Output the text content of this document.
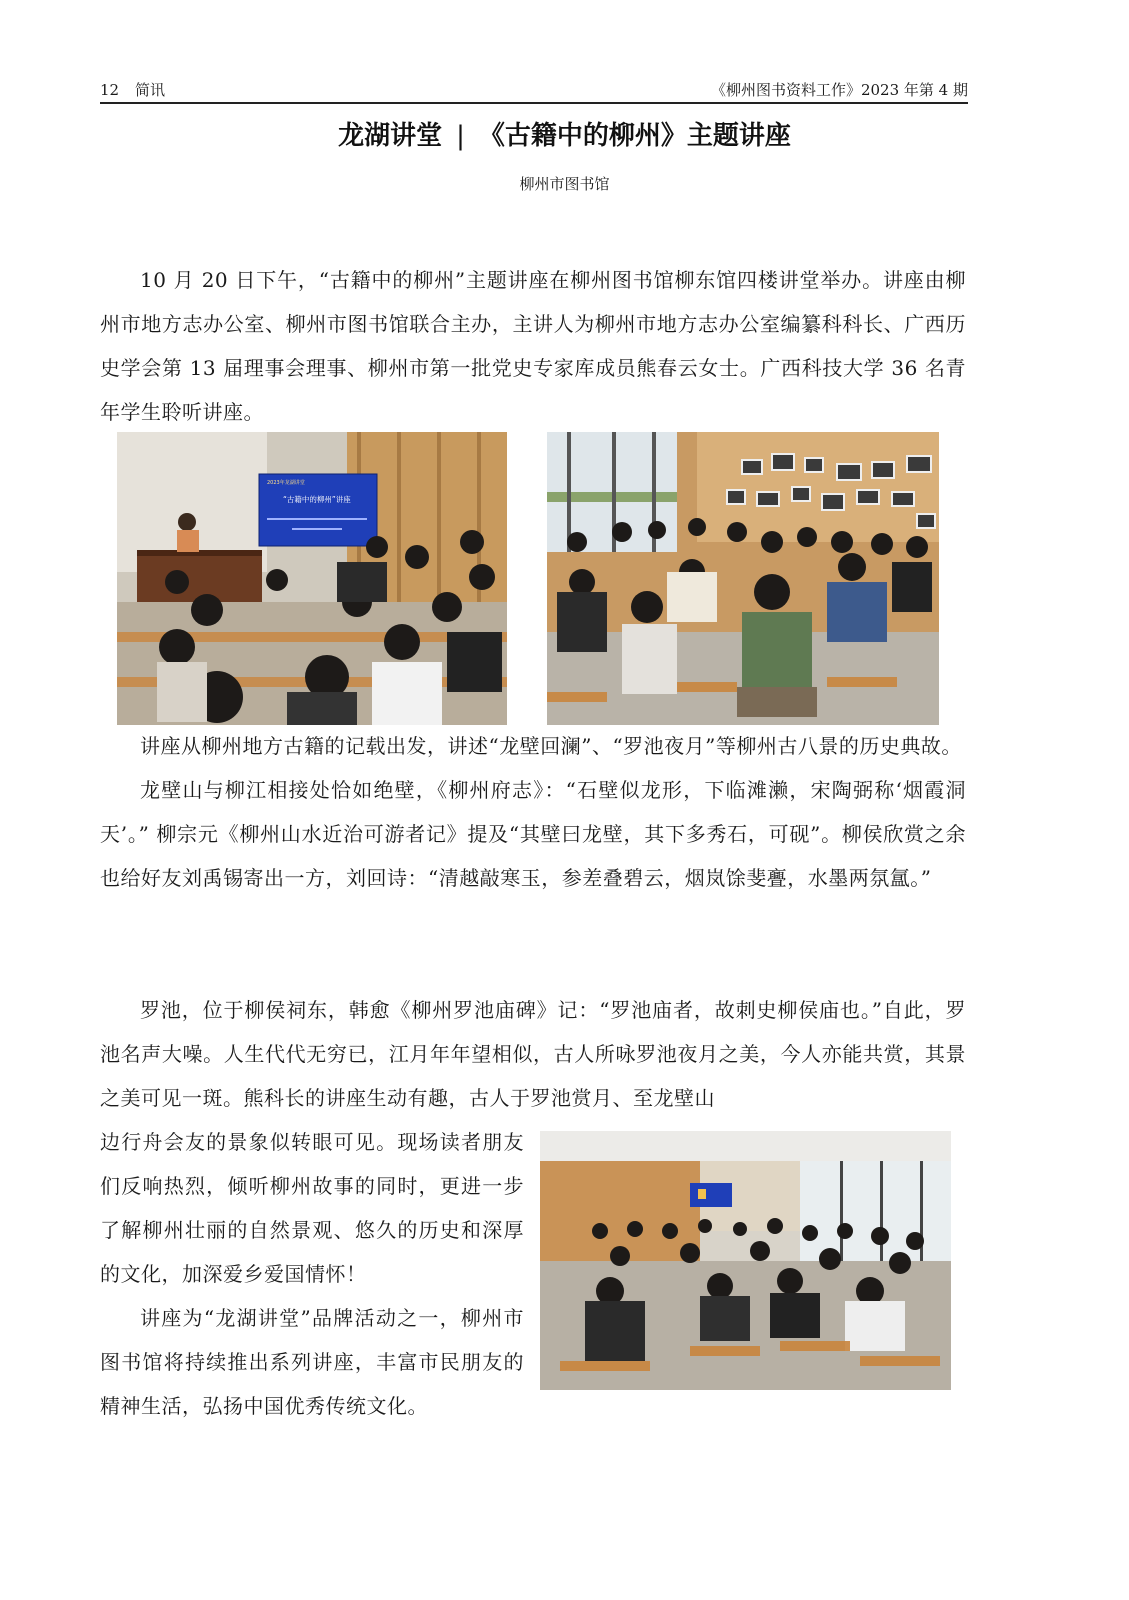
12 简讯	《柳州图书资料工作》2023 年第 4 期
龙湖讲堂 | 《古籍中的柳州》主题讲座
柳州市图书馆

10 月 20 日下午，“古籍中的柳州”主题讲座在柳州图书馆柳东馆四楼讲堂举办。讲座由柳州市地方志办公室、柳州市图书馆联合主办，主讲人为柳州市地方志办公室编纂科科长、广西历史学会第 13 届理事会理事、柳州市第一批党史专家库成员熊春云女士。广西科技大学 36 名青年学生聆听讲座。

2023年龙湖讲堂
“古籍中的柳州”讲座

讲座从柳州地方古籍的记载出发，讲述“龙壁回澜”、“罗池夜月”等柳州古八景的历史典故。

龙壁山与柳江相接处恰如绝壁，《柳州府志》：“石壁似龙形，下临滩濑，宋陶弼称‘烟霞洞天’。” 柳宗元《柳州山水近治可游者记》提及“其壁曰龙壁，其下多秀石，可砚”。柳侯欣赏之余也给好友刘禹锡寄出一方，刘回诗：“清越敲寒玉，参差叠碧云，烟岚馀斐亹，水墨两氛氲。”

罗池，位于柳侯祠东，韩愈《柳州罗池庙碑》记：“罗池庙者，故刺史柳侯庙也。”自此，罗池名声大噪。人生代代无穷已，江月年年望相似，古人所咏罗池夜月之美，今人亦能共赏，其景之美可见一斑。熊科长的讲座生动有趣，古人于罗池赏月、至龙壁山

边行舟会友的景象似转眼可见。现场读者朋友们反响热烈，倾听柳州故事的同时，更进一步了解柳州壮丽的自然景观、悠久的历史和深厚的文化，加深爱乡爱国情怀！

讲座为“龙湖讲堂”品牌活动之一，柳州市图书馆将持续推出系列讲座，丰富市民朋友的精神生活，弘扬中国优秀传统文化。
